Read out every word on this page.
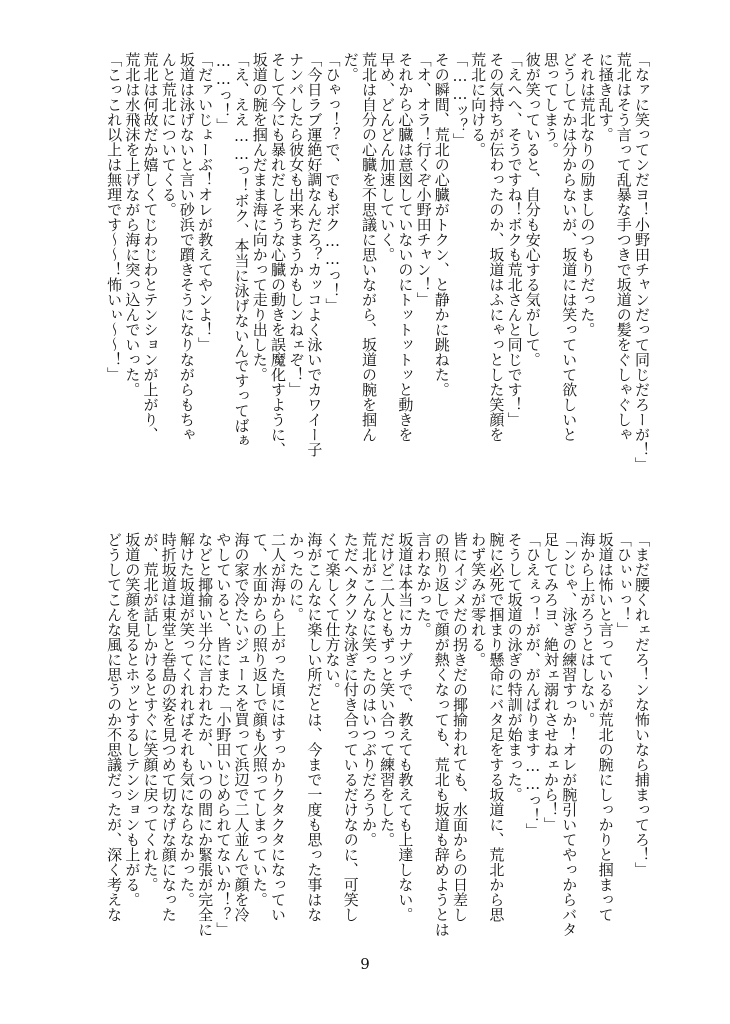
「なァに笑ってンだヨ！小野田チャンだって同じだろーが！」
荒北はそう言って乱暴な手つきで坂道の髪をぐしゃぐしゃ
に掻き乱す。
それは荒北なりの励ましのつもりだった。
どうしてかは分からないが、坂道には笑っていて欲しいと
思ってしまう。
彼が笑っていると、自分も安心する気がして。
「えへへ、そうですね！ボクも荒北さんと同じです！」
その気持ちが伝わったのか、坂道はふにゃっとした笑顔を
荒北に向ける。
「……ッ？」
その瞬間、荒北の心臓がトクン、と静かに跳ねた。
「オ、オラ！行くぞ小野田チャン！」
それから心臓は意図していないのにトットットッと動きを
早め、どんどん加速していく。
荒北は自分の心臓を不思議に思いながら、坂道の腕を掴ん
だ。
「ひゃっ！？で、でもボク……っ！」
「今日ラブ運絶好調なんだろ？カッコよく泳いでカワイー子
ナンパしたら彼女も出来ちまうかもしンねェぞ！」
そして今にも暴れだしそうな心臓の動きを誤魔化すように、
坂道の腕を掴んだまま海に向かって走り出した。
「え、ええ……っ！ボク、本当に泳げないんですってばぁ
……っ！」
「だァいじょーぶ！オレが教えてやンよ！」
坂道は泳げないと言い砂浜で躓きそうになりながらもちゃ
んと荒北についてくる。
荒北は何故だか嬉しくてじわじわとテンションが上がり、
荒北は水飛沫を上げながら海に突っ込んでいった。
「こっこれ以上は無理です〜〜！怖いぃ〜〜！」
「まだ腰くれェだろ！ンな怖いなら捕まってろ！」
「ひぃぃっ！」
坂道は怖いと言っているが荒北の腕にしっかりと掴まって
海から上がろうとはしない。
「ンじゃ、泳ぎの練習すっか！オレが腕引いてやっからバタ
足してみろヨ、絶対ェ溺れさせねェから！」
「ひえぇっ！がが、がんばります……っ！」
そうして坂道の泳ぎの特訓が始まった。
腕に必死で掴まり懸命にバタ足をする坂道に、荒北から思
わず笑みが零れる。
皆にイジメだの拐きだの揶揄われても、水面からの日差し
の照り返しで顔が熱くなっても、荒北も坂道も辞めようとは
言わなかった。
坂道は本当にカナヅチで、教えても教えても上達しない。
だけど二人ともずっと笑い合って練習をした。
荒北がこんなに笑ったのはいつぶりだろうか。
ただヘタクソな泳ぎに付き合っているだけなのに、可笑し
くて楽しくて仕方ない。
海がこんなに楽しい所だとは、今まで一度も思った事はな
かったのに。
二人が海から上がった頃にはすっかりクタクタになってい
て、水面からの照り返しで顔も火照ってしまっていた。
海の家で冷たいジュースを買って浜辺で二人並んで顔を冷
やしていると、皆にまた「小野田いじめられてないか！？」
などと揶揄い半分に言われたが、いつの間にか緊張が完全に
解けた坂道が笑ってくれればそれも気にならなかった。
時折坂道は東堂と巻島の姿を見つめて切なげな顔になった
が、荒北が話しかけるとすぐに笑顔に戻ってくれた。
坂道の笑顔を見るとホッとするしテンションも上がる。
どうしてこんな風に思うのか不思議だったが、深く考えな
9
